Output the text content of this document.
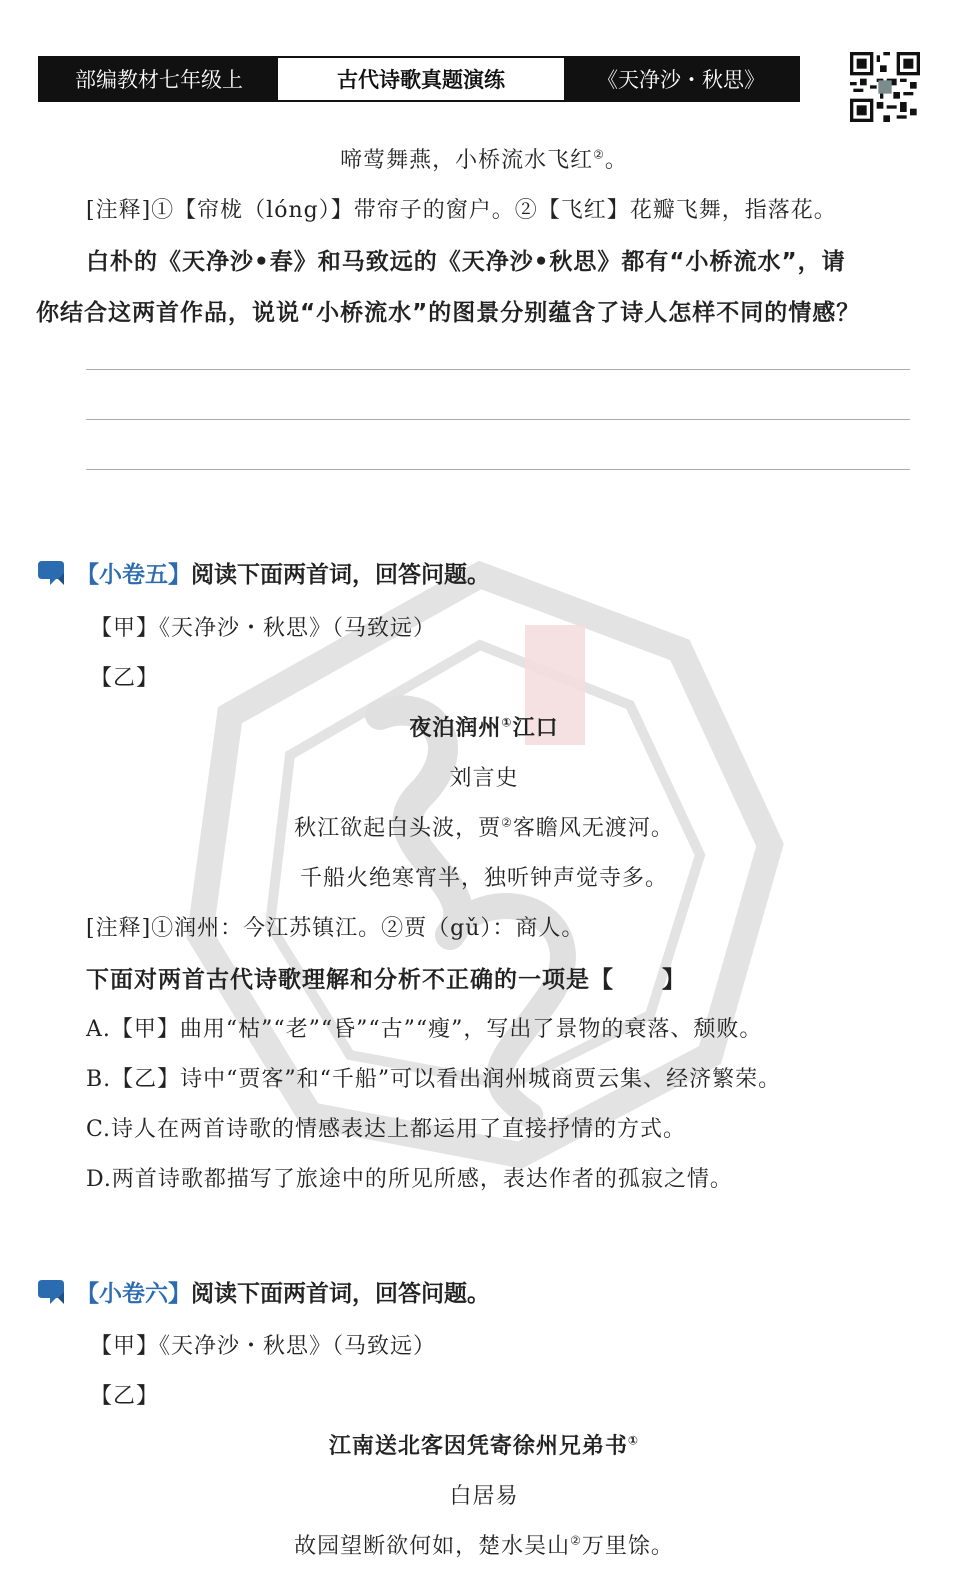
部编教材七年级上	古代诗歌真题演练	《天净沙・秋思》
啼莺舞燕，小桥流水飞红②。
[注释]①【帘栊（lóng）】带帘子的窗户。②【飞红】花瓣飞舞，指落花。
白朴的《天净沙•春》和马致远的《天净沙•秋思》都有“小桥流水”，请
你结合这两首作品，说说“小桥流水”的图景分别蕴含了诗人怎样不同的情感？
【小卷五】 阅读下面两首词，回答问题。
【甲】《天净沙・秋思》（马致远）
【乙】
夜泊润州①江口
刘言史
秋江欲起白头波，贾②客瞻风无渡河。
千船火绝寒宵半，独听钟声觉寺多。
[注释]①润州：今江苏镇江。②贾（gǔ）：商人。
下面对两首古代诗歌理解和分析不正确的一项是【　　】
A.【甲】曲用“枯”“老”“昏”“古”“瘦”，写出了景物的衰落、颓败。
B.【乙】诗中“贾客”和“千船”可以看出润州城商贾云集、经济繁荣。
C.诗人在两首诗歌的情感表达上都运用了直接抒情的方式。
D.两首诗歌都描写了旅途中的所见所感，表达作者的孤寂之情。
【小卷六】 阅读下面两首词，回答问题。
【甲】《天净沙・秋思》（马致远）
【乙】
江南送北客因凭寄徐州兄弟书①
白居易
故园望断欲何如，楚水吴山②万里馀。
